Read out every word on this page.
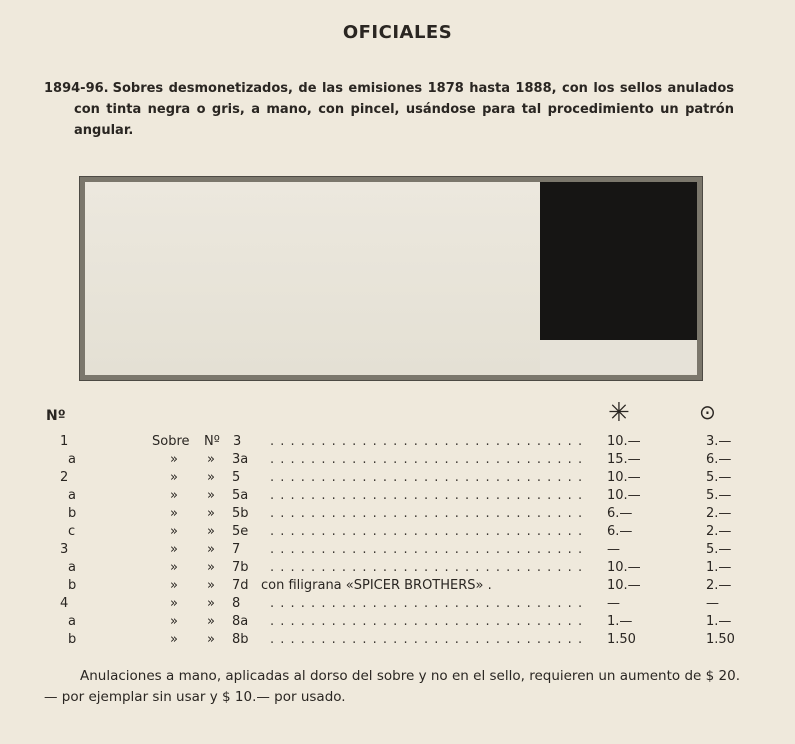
OFICIALES

1894-96. Sobres desmonetizados, de las emisiones 1878 hasta 1888, con los sellos anulados con tinta negra o gris, a mano, con pincel, usándose para tal procedimiento un patrón angular.

Nº	✳	⊙
1	Sobre Nº 3 . . . . . . . . . . . . . . . . . . . . . . . . . . . . . . . 10.—	3.—
a	» » 3a . . . . . . . . . . . . . . . . . . . . . . . . . . . . . . . 15.—	6.—
2	» » 5 . . . . . . . . . . . . . . . . . . . . . . . . . . . . . . . 10.—	5.—
a	» » 5a . . . . . . . . . . . . . . . . . . . . . . . . . . . . . . . 10.—	5.—
b	» » 5b . . . . . . . . . . . . . . . . . . . . . . . . . . . . . . . 6.—	2.—
c	» » 5e . . . . . . . . . . . . . . . . . . . . . . . . . . . . . . . 6.—	2.—
3	» » 7 . . . . . . . . . . . . . . . . . . . . . . . . . . . . . . . —	5.—
a	» » 7b . . . . . . . . . . . . . . . . . . . . . . . . . . . . . . . 10.—	1.—
b	» » 7d con filigrana «SPICER BROTHERS» .	10.—	2.—
4	» » 8 . . . . . . . . . . . . . . . . . . . . . . . . . . . . . . . —	—
a	» » 8a . . . . . . . . . . . . . . . . . . . . . . . . . . . . . . . 1.—	1.—
b	» » 8b . . . . . . . . . . . . . . . . . . . . . . . . . . . . . . . 1.50	1.50

Anulaciones a mano, aplicadas al dorso del sobre y no en el sello, requieren un aumento de $ 20.— por ejemplar sin usar y $ 10.— por usado.
